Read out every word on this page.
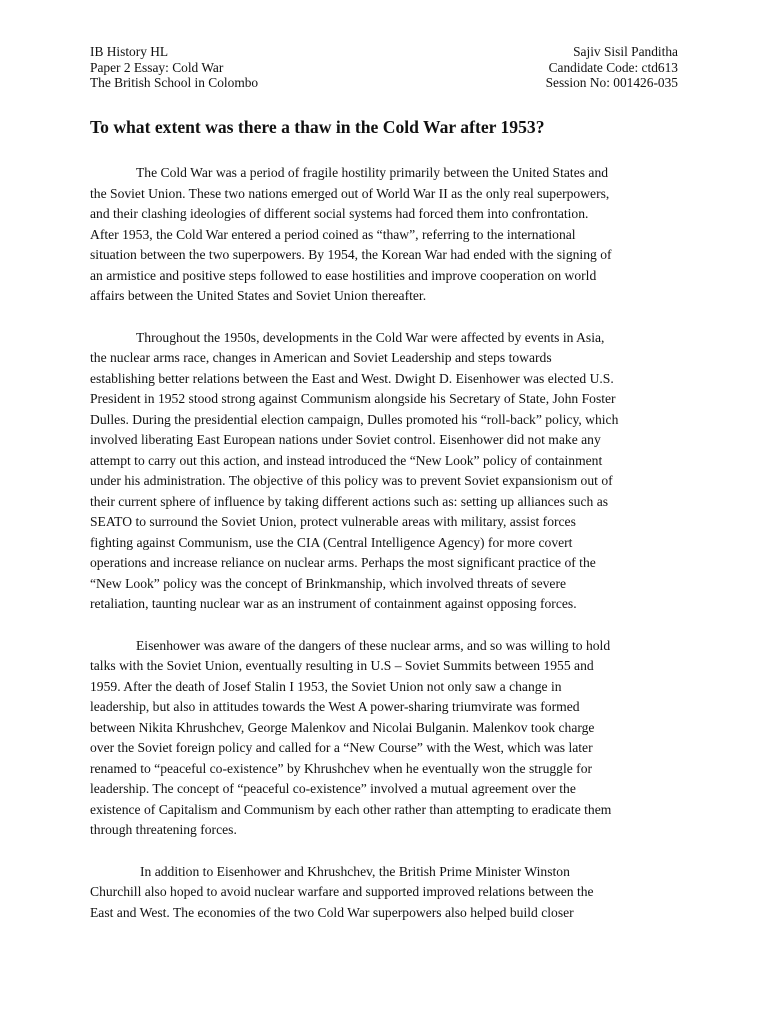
IB History HL
Paper 2 Essay: Cold War
The British School in Colombo
Sajiv Sisil Panditha
Candidate Code: ctd613
Session No: 001426-035
To what extent was there a thaw in the Cold War after 1953?
The Cold War was a period of fragile hostility primarily between the United States and
the Soviet Union. These two nations emerged out of World War II as the only real superpowers,
and their clashing ideologies of different social systems had forced them into confrontation.
After 1953, the Cold War entered a period coined as “thaw”, referring to the international
situation between the two superpowers. By 1954, the Korean War had ended with the signing of
an armistice and positive steps followed to ease hostilities and improve cooperation on world
affairs between the United States and Soviet Union thereafter.
Throughout the 1950s, developments in the Cold War were affected by events in Asia,
the nuclear arms race, changes in American and Soviet Leadership and steps towards
establishing better relations between the East and West. Dwight D. Eisenhower was elected U.S.
President in 1952 stood strong against Communism alongside his Secretary of State, John Foster
Dulles. During the presidential election campaign, Dulles promoted his “roll-back” policy, which
involved liberating East European nations under Soviet control. Eisenhower did not make any
attempt to carry out this action, and instead introduced the “New Look” policy of containment
under his administration. The objective of this policy was to prevent Soviet expansionism out of
their current sphere of influence by taking different actions such as: setting up alliances such as
SEATO to surround the Soviet Union, protect vulnerable areas with military, assist forces
fighting against Communism, use the CIA (Central Intelligence Agency) for more covert
operations and increase reliance on nuclear arms. Perhaps the most significant practice of the
“New Look” policy was the concept of Brinkmanship, which involved threats of severe
retaliation, taunting nuclear war as an instrument of containment against opposing forces.
Eisenhower was aware of the dangers of these nuclear arms, and so was willing to hold
talks with the Soviet Union, eventually resulting in U.S – Soviet Summits between 1955 and
1959. After the death of Josef Stalin I 1953, the Soviet Union not only saw a change in
leadership, but also in attitudes towards the West A power-sharing triumvirate was formed
between Nikita Khrushchev, George Malenkov and Nicolai Bulganin. Malenkov took charge
over the Soviet foreign policy and called for a “New Course” with the West, which was later
renamed to “peaceful co-existence” by Khrushchev when he eventually won the struggle for
leadership. The concept of “peaceful co-existence” involved a mutual agreement over the
existence of Capitalism and Communism by each other rather than attempting to eradicate them
through threatening forces.
In addition to Eisenhower and Khrushchev, the British Prime Minister Winston
Churchill also hoped to avoid nuclear warfare and supported improved relations between the
East and West. The economies of the two Cold War superpowers also helped build closer
